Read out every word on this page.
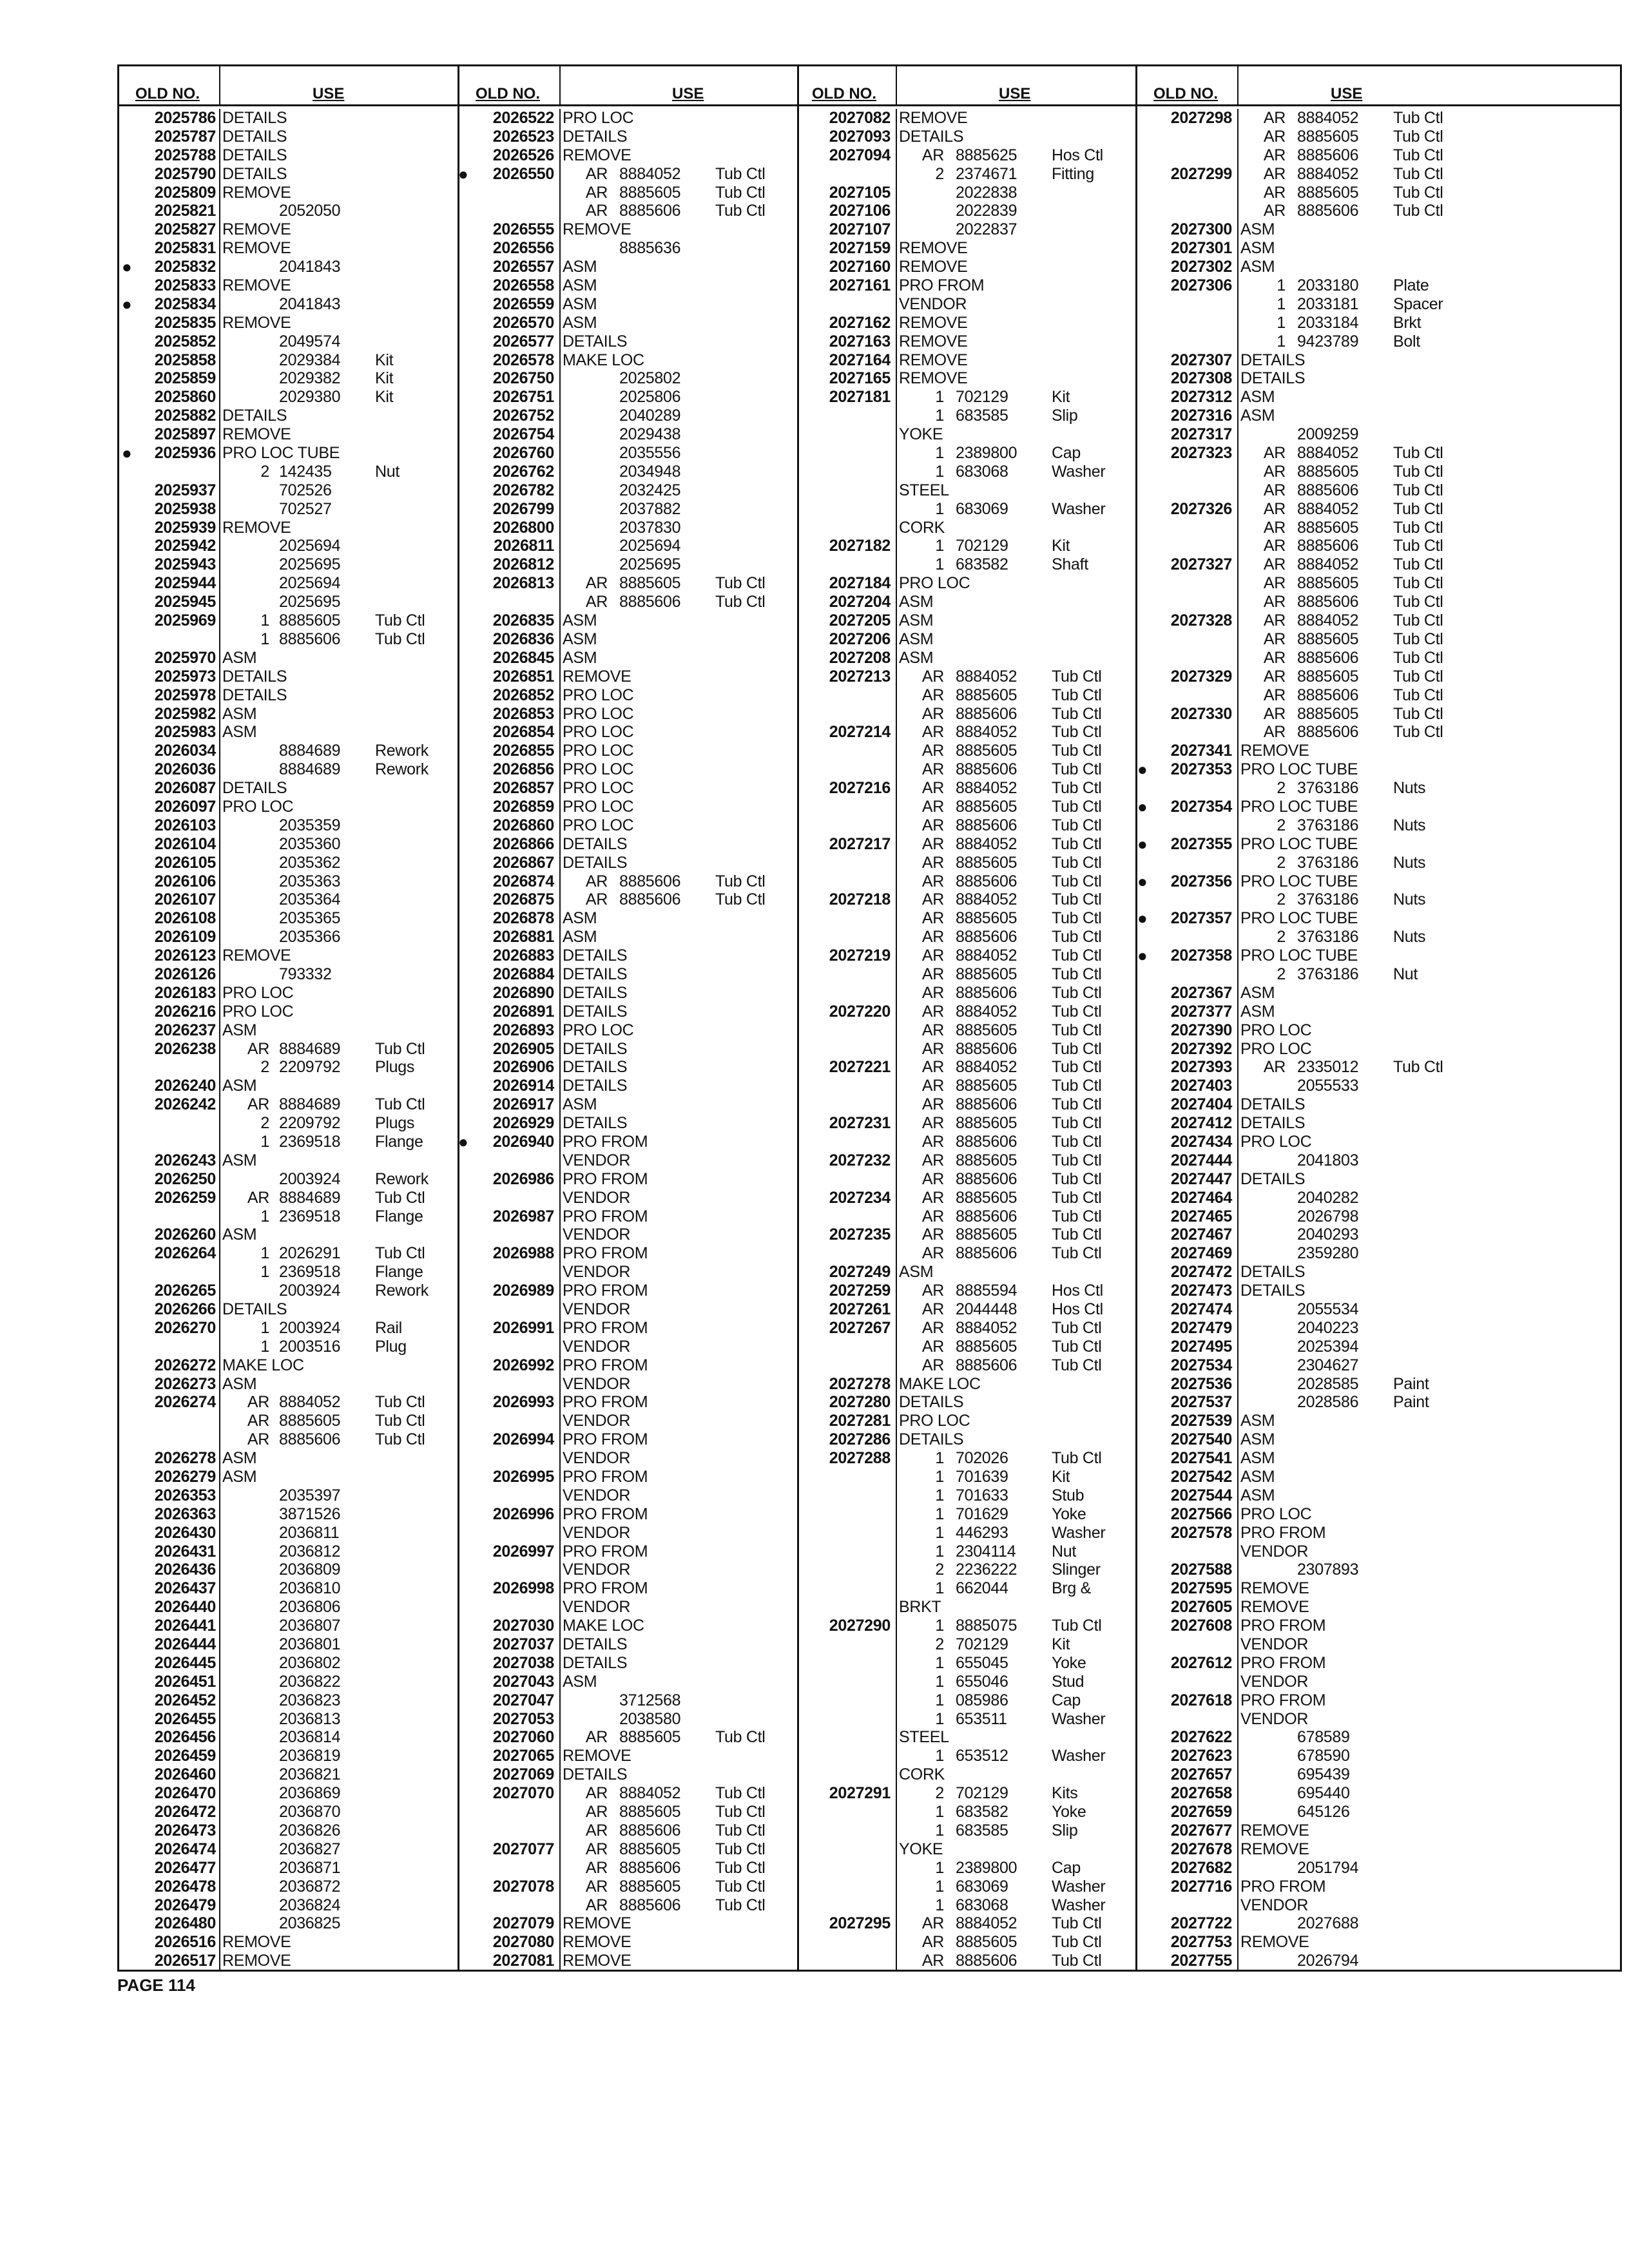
OLD NO.	USE
2025786 DETAILS
2025787 DETAILS
2025788 DETAILS
2025790 DETAILS
2025809 REMOVE
2025821	2052050
2025827 REMOVE
2025831 REMOVE
● 2025832	2041843
2025833 REMOVE
● 2025834	2041843
2025835 REMOVE
2025852	2049574
2025858	2029384 Kit
2025859	2029382 Kit
2025860	2029380 Kit
2025882 DETAILS
2025897 REMOVE
● 2025936 PRO LOC TUBE
2 142435	Nut
2025937	702526
2025938	702527
2025939 REMOVE
2025942	2025694
2025943	2025695
2025944	2025694
2025945	2025695
2025969	1 8885605 Tub Ctl
1 8885606 Tub Ctl
2025970 ASM
2025973 DETAILS
2025978 DETAILS
2025982 ASM
2025983 ASM
2026034	8884689 Rework
2026036	8884689 Rework
2026087 DETAILS
2026097 PRO LOC
2026103	2035359
2026104	2035360
2026105	2035362
2026106	2035363
2026107	2035364
2026108	2035365
2026109	2035366
2026123 REMOVE
2026126	793332
2026183 PRO LOC
2026216 PRO LOC
2026237 ASM
2026238 AR 8884689 Tub Ctl
2 2209792 Plugs
2026240 ASM
2026242 AR 8884689 Tub Ctl
2 2209792 Plugs
1 2369518 Flange
2026243 ASM
2026250	2003924 Rework
2026259 AR 8884689 Tub Ctl
1 2369518 Flange
2026260 ASM
2026264	1 2026291 Tub Ctl
1 2369518 Flange
2026265	2003924 Rework
2026266 DETAILS
2026270	1 2003924 Rail
1 2003516 Plug
2026272 MAKE LOC
2026273 ASM
2026274 AR 8884052 Tub Ctl
AR 8885605 Tub Ctl
AR 8885606 Tub Ctl
2026278 ASM
2026279 ASM
2026353	2035397
2026363	3871526
2026430	2036811
2026431	2036812
2026436	2036809
2026437	2036810
2026440	2036806
2026441	2036807
2026444	2036801
2026445	2036802
2026451	2036822
2026452	2036823
2026455	2036813
2026456	2036814
2026459	2036819
2026460	2036821
2026470	2036869
2026472	2036870
2026473	2036826
2026474	2036827
2026477	2036871
2026478	2036872
2026479	2036824
2026480	2036825
2026516 REMOVE
2026517 REMOVE
OLD NO.	USE
2026522 PRO LOC
2026523 DETAILS
2026526 REMOVE
● 2026550 AR 8884052 Tub Ctl
AR 8885605 Tub Ctl
AR 8885606 Tub Ctl
2026555 REMOVE
2026556	8885636
2026557 ASM
2026558 ASM
2026559 ASM
2026570 ASM
2026577 DETAILS
2026578 MAKE LOC
2026750	2025802
2026751	2025806
2026752	2040289
2026754	2029438
2026760	2035556
2026762	2034948
2026782	2032425
2026799	2037882
2026800	2037830
2026811	2025694
2026812	2025695
2026813 AR 8885605 Tub Ctl
AR 8885606 Tub Ctl
2026835 ASM
2026836 ASM
2026845 ASM
2026851 REMOVE
2026852 PRO LOC
2026853 PRO LOC
2026854 PRO LOC
2026855 PRO LOC
2026856 PRO LOC
2026857 PRO LOC
2026859 PRO LOC
2026860 PRO LOC
2026866 DETAILS
2026867 DETAILS
2026874 AR 8885606 Tub Ctl
2026875 AR 8885606 Tub Ctl
2026878 ASM
2026881 ASM
2026883 DETAILS
2026884 DETAILS
2026890 DETAILS
2026891 DETAILS
2026893 PRO LOC
2026905 DETAILS
2026906 DETAILS
2026914 DETAILS
2026917 ASM
2026929 DETAILS
● 2026940 PRO FROM
VENDOR
2026986 PRO FROM
VENDOR
2026987 PRO FROM
VENDOR
2026988 PRO FROM
VENDOR
2026989 PRO FROM
VENDOR
2026991 PRO FROM
VENDOR
2026992 PRO FROM
VENDOR
2026993 PRO FROM
VENDOR
2026994 PRO FROM
VENDOR
2026995 PRO FROM
VENDOR
2026996 PRO FROM
VENDOR
2026997 PRO FROM
VENDOR
2026998 PRO FROM
VENDOR
2027030 MAKE LOC
2027037 DETAILS
2027038 DETAILS
2027043 ASM
2027047	3712568
2027053	2038580
2027060 AR 8885605 Tub Ctl
2027065 REMOVE
2027069 DETAILS
2027070 AR 8884052 Tub Ctl
AR 8885605 Tub Ctl
AR 8885606 Tub Ctl
2027077 AR 8885605 Tub Ctl
AR 8885606 Tub Ctl
2027078 AR 8885605 Tub Ctl
AR 8885606 Tub Ctl
2027079 REMOVE
2027080 REMOVE
2027081 REMOVE
OLD NO.	USE
2027082 REMOVE
2027093 DETAILS
2027094 AR 8885625 Hos Ctl
2 2374671 Fitting
2027105	2022838
2027106	2022839
2027107	2022837
2027159 REMOVE
2027160 REMOVE
2027161 PRO FROM
VENDOR
2027162 REMOVE
2027163 REMOVE
2027164 REMOVE
2027165 REMOVE
2027181	1 702129	Kit
1 683585	Slip
YOKE
1 2389800 Cap
1 683068	Washer
STEEL
1 683069	Washer
CORK
2027182	1 702129	Kit
1 683582	Shaft
2027184 PRO LOC
2027204 ASM
2027205 ASM
2027206 ASM
2027208 ASM
2027213 AR 8884052 Tub Ctl
AR 8885605 Tub Ctl
AR 8885606 Tub Ctl
2027214 AR 8884052 Tub Ctl
AR 8885605 Tub Ctl
AR 8885606 Tub Ctl
2027216 AR 8884052 Tub Ctl
AR 8885605 Tub Ctl
AR 8885606 Tub Ctl
2027217 AR 8884052 Tub Ctl
AR 8885605 Tub Ctl
AR 8885606 Tub Ctl
2027218 AR 8884052 Tub Ctl
AR 8885605 Tub Ctl
AR 8885606 Tub Ctl
2027219 AR 8884052 Tub Ctl
AR 8885605 Tub Ctl
AR 8885606 Tub Ctl
2027220 AR 8884052 Tub Ctl
AR 8885605 Tub Ctl
AR 8885606 Tub Ctl
2027221 AR 8884052 Tub Ctl
AR 8885605 Tub Ctl
AR 8885606 Tub Ctl
2027231 AR 8885605 Tub Ctl
AR 8885606 Tub Ctl
2027232 AR 8885605 Tub Ctl
AR 8885606 Tub Ctl
2027234 AR 8885605 Tub Ctl
AR 8885606 Tub Ctl
2027235 AR 8885605 Tub Ctl
AR 8885606 Tub Ctl
2027249 ASM
2027259 AR 8885594 Hos Ctl
2027261 AR 2044448 Hos Ctl
2027267 AR 8884052 Tub Ctl
AR 8885605 Tub Ctl
AR 8885606 Tub Ctl
2027278 MAKE LOC
2027280 DETAILS
2027281 PRO LOC
2027286 DETAILS
2027288	1 702026	Tub Ctl
1 701639	Kit
1 701633	Stub
1 701629	Yoke
1 446293	Washer
1 2304114 Nut
2 2236222 Slinger
1 662044	Brg &
BRKT
2027290	1 8885075 Tub Ctl
2 702129	Kit
1 655045	Yoke
1 655046	Stud
1 085986	Cap
1 653511	Washer
STEEL
1 653512	Washer
CORK
2027291	2 702129	Kits
1 683582	Yoke
1 683585	Slip
YOKE
1 2389800 Cap
1 683069	Washer
1 683068	Washer
2027295 AR 8884052 Tub Ctl
AR 8885605 Tub Ctl
AR 8885606 Tub Ctl
OLD NO.	USE
2027298 AR 8884052 Tub Ctl
AR 8885605 Tub Ctl
AR 8885606 Tub Ctl
2027299 AR 8884052 Tub Ctl
AR 8885605 Tub Ctl
AR 8885606 Tub Ctl
2027300 ASM
2027301 ASM
2027302 ASM
2027306	1 2033180 Plate
1 2033181 Spacer
1 2033184 Brkt
1 9423789 Bolt
2027307 DETAILS
2027308 DETAILS
2027312 ASM
2027316 ASM
2027317	2009259
2027323 AR 8884052 Tub Ctl
AR 8885605 Tub Ctl
AR 8885606 Tub Ctl
2027326 AR 8884052 Tub Ctl
AR 8885605 Tub Ctl
AR 8885606 Tub Ctl
2027327 AR 8884052 Tub Ctl
AR 8885605 Tub Ctl
AR 8885606 Tub Ctl
2027328 AR 8884052 Tub Ctl
AR 8885605 Tub Ctl
AR 8885606 Tub Ctl
2027329 AR 8885605 Tub Ctl
AR 8885606 Tub Ctl
2027330 AR 8885605 Tub Ctl
AR 8885606 Tub Ctl
2027341 REMOVE
● 2027353 PRO LOC TUBE
2 3763186 Nuts
● 2027354 PRO LOC TUBE
2 3763186 Nuts
● 2027355 PRO LOC TUBE
2 3763186 Nuts
● 2027356 PRO LOC TUBE
2 3763186 Nuts
● 2027357 PRO LOC TUBE
2 3763186 Nuts
● 2027358 PRO LOC TUBE
2 3763186 Nut
2027367 ASM
2027377 ASM
2027390 PRO LOC
2027392 PRO LOC
2027393 AR 2335012 Tub Ctl
2027403	2055533
2027404 DETAILS
2027412 DETAILS
2027434 PRO LOC
2027444	2041803
2027447 DETAILS
2027464	2040282
2027465	2026798
2027467	2040293
2027469	2359280
2027472 DETAILS
2027473 DETAILS
2027474	2055534
2027479	2040223
2027495	2025394
2027534	2304627
2027536	2028585 Paint
2027537	2028586 Paint
2027539 ASM
2027540 ASM
2027541 ASM
2027542 ASM
2027544 ASM
2027566 PRO LOC
2027578 PRO FROM
VENDOR
2027588	2307893
2027595 REMOVE
2027605 REMOVE
2027608 PRO FROM
VENDOR
2027612 PRO FROM
VENDOR
2027618 PRO FROM
VENDOR
2027622	678589
2027623	678590
2027657	695439
2027658	695440
2027659	645126
2027677 REMOVE
2027678 REMOVE
2027682	2051794
2027716 PRO FROM
VENDOR
2027722	2027688
2027753 REMOVE
2027755	2026794
PAGE 114
